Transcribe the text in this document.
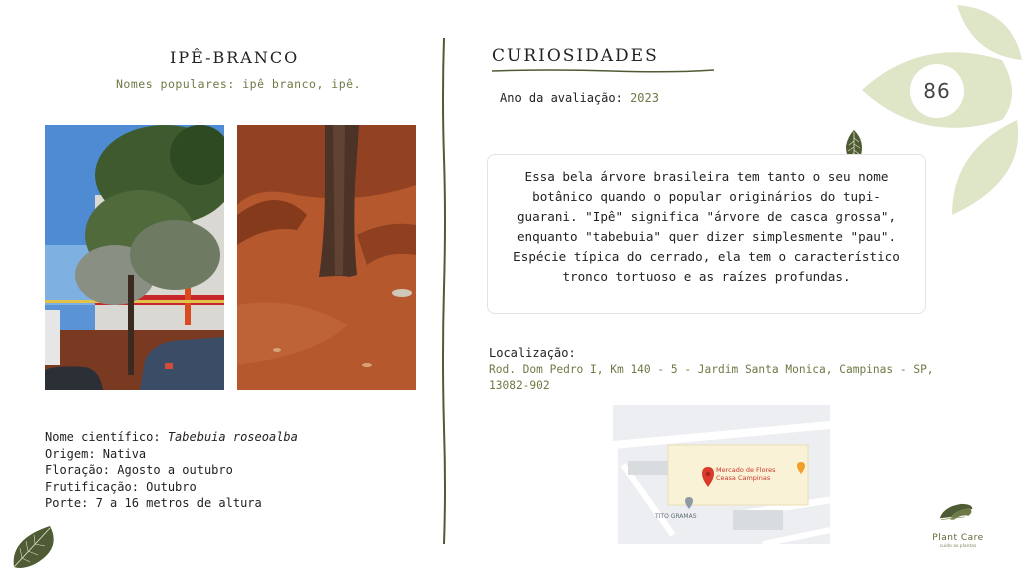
IPÊ-BRANCO
Nomes populares: ipê branco, ipê.
Nome científico: Tabebuia roseoalba
Origem: Nativa
Floração: Agosto a outubro
Frutificação: Outubro
Porte: 7 a 16 metros de altura
CURIOSIDADES
Ano da avaliação: 2023	86
Essa bela árvore brasileira tem tanto o seu nome botânico quando o popular originários do tupi-guarani. "Ipê" significa "árvore de casca grossa", enquanto "tabebuia" quer dizer simplesmente "pau". Espécie típica do cerrado, ela tem o característico tronco tortuoso e as raízes profundas.
Localização:
Rod. Dom Pedro I, Km 140 - 5 - Jardim Santa Monica, Campinas - SP, 13082-902
Mercado de Flores
Ceasa Campinas
TITO GRAMAS
Plant Care
cuido as plantas
